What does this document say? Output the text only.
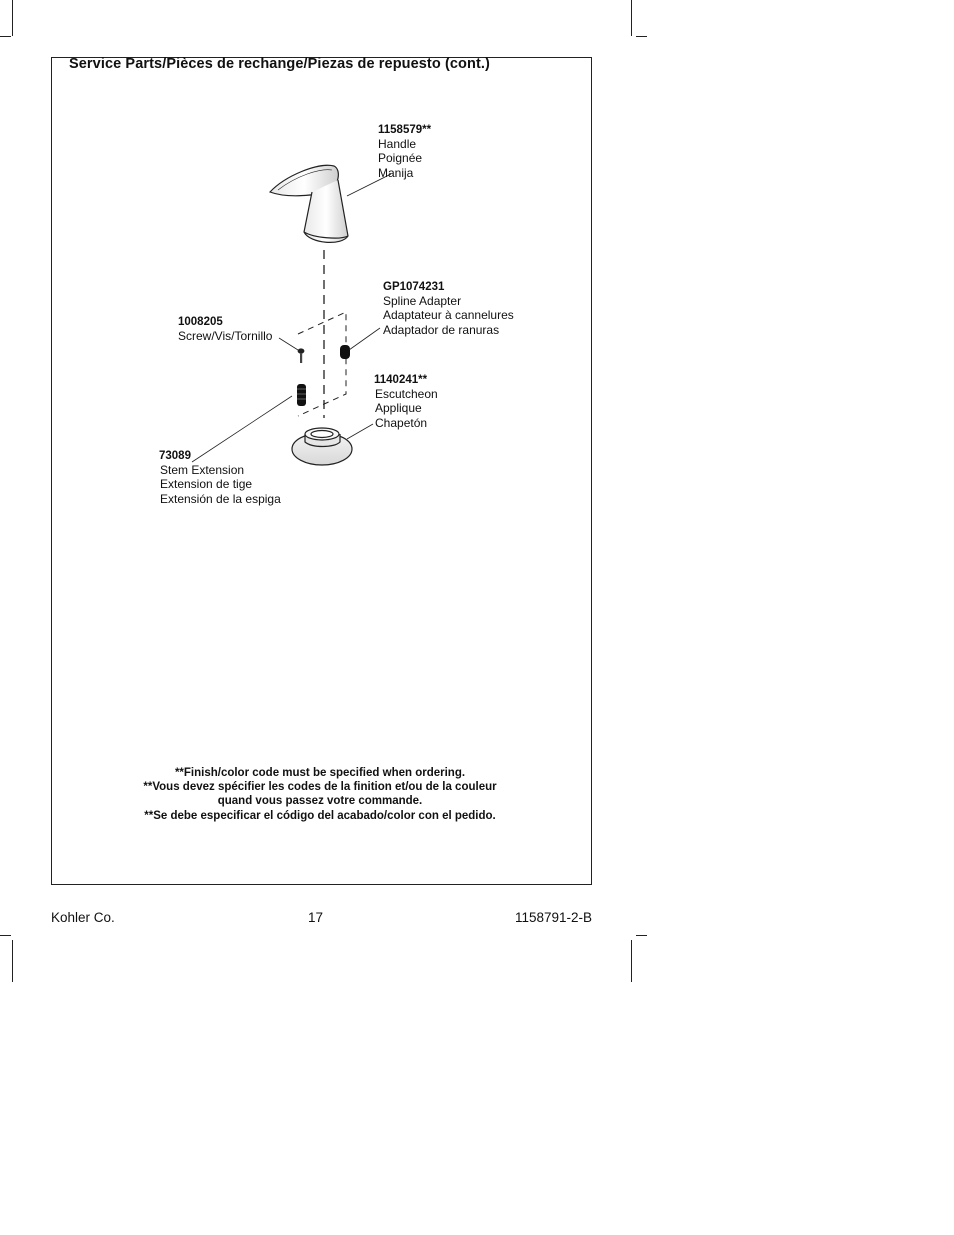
Service Parts/Pièces de rechange/Piezas de repuesto (cont.)
1158579**
Handle
Poignée
Manija
GP1074231
Spline Adapter
Adaptateur à cannelures
Adaptador de ranuras
1008205
Screw/Vis/Tornillo
1140241**
Escutcheon
Applique
Chapetón
73089
Stem Extension
Extension de tige
Extensión de la espiga
**Finish/color code must be specified when ordering.
**Vous devez spécifier les codes de la finition et/ou de la couleur
quand vous passez votre commande.
**Se debe especificar el código del acabado/color con el pedido.
Kohler Co.	17	1158791-2-B
